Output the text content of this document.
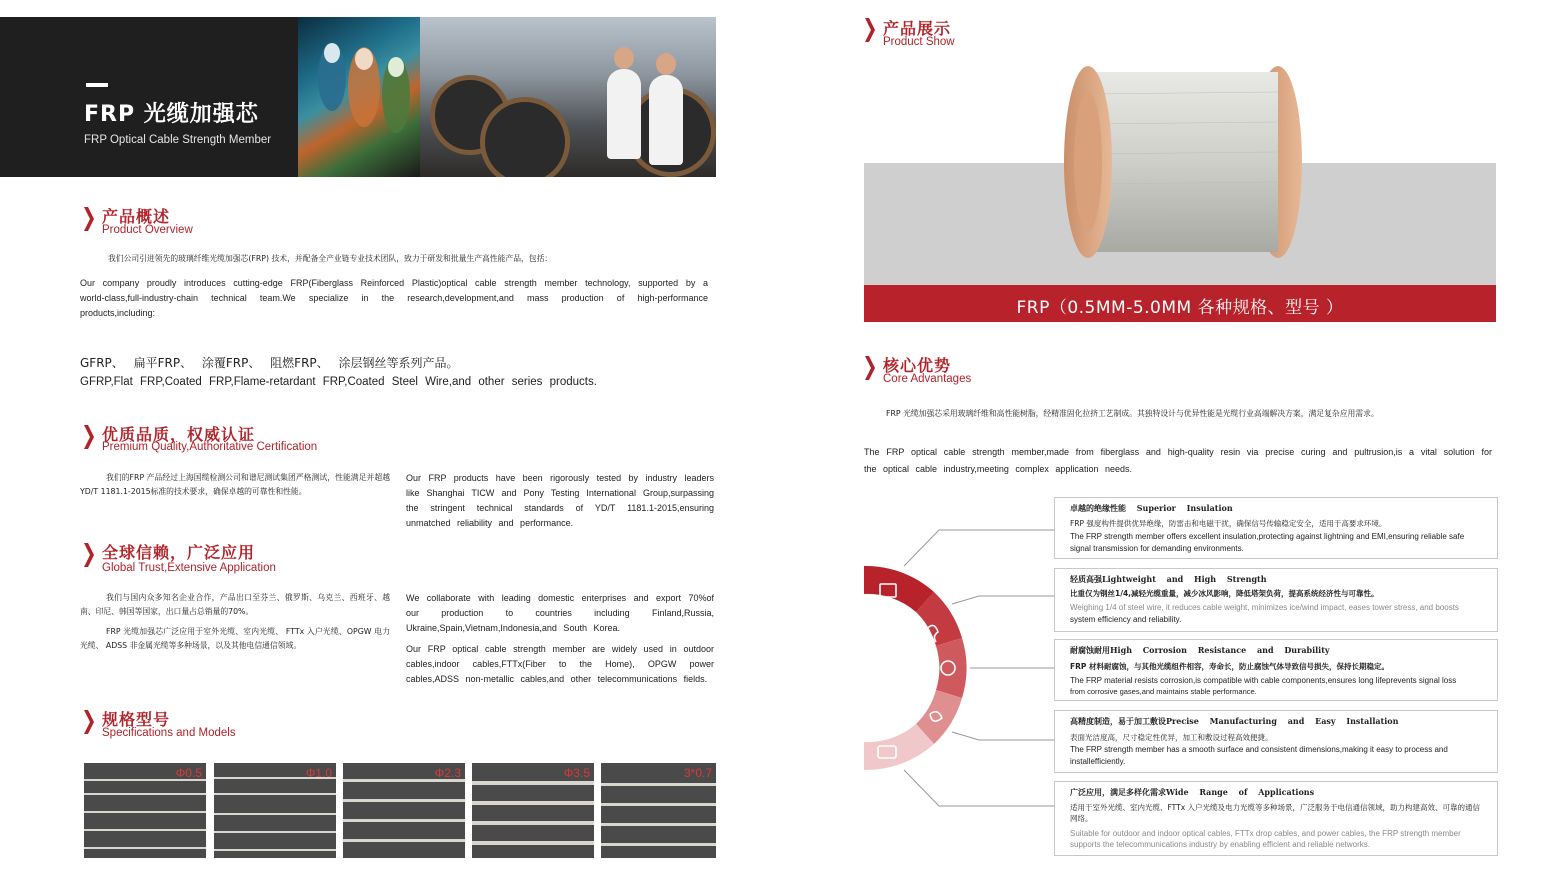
FRP 光缆加强芯
FRP Optical Cable Strength Member
产品概述
Product Overview
我们公司引进领先的玻璃纤维光缆加强芯(FRP) 技术，并配备全产业链专业技术团队，致力于研发和批量生产高性能产品，包括：
Our company proudly introduces cutting-edge FRP(Fiberglass Reinforced Plastic)optical cable strength member technology, supported by a world-class,full-industry-chain technical team.We specialize in the research,development,and mass production of high-performance products,including:
GFRP、 扁平FRP、 涂覆FRP、 阻燃FRP、 涂层钢丝等系列产品。
GFRP,Flat FRP,Coated FRP,Flame-retardant FRP,Coated Steel Wire,and other series products.
优质品质，权威认证
Premium Quality,Authoritative Certification
我们的FRP 产品经过上海国缆检测公司和谱尼测试集团严格测试，性能满足并超越YD/T 1181.1-2015标准的技术要求，确保卓越的可靠性和性能。
Our FRP products have been rigorously tested by industry leaders like Shanghai TICW and Pony Testing International Group,surpassing the stringent technical standards of YD/T 1181.1-2015,ensuring unmatched reliability and performance.
全球信赖，广泛应用
Global Trust,Extensive Application
我们与国内众多知名企业合作，产品出口至芬兰、俄罗斯、乌克兰、西班牙、越南、印尼、韩国等国家，出口量占总销量的70%。
FRP 光缆加强芯广泛应用于室外光缆、室内光缆、 FTTx 入户光缆、OPGW 电力光缆、 ADSS 非金属光缆等多种场景，以及其他电信通信领域。
We collaborate with leading domestic enterprises and export 70%of our production to countries including Finland,Russia, Ukraine,Spain,Vietnam,Indonesia,and South Korea.
Our FRP optical cable strength member are widely used in outdoor cables,indoor cables,FTTx(Fiber to the Home), OPGW power cables,ADSS non-metallic cables,and other telecommunications fields.
规格型号
Specifications and Models
Φ0.5	Φ1.0	Φ2.3	Φ3.5	3*0.7
产品展示
Product Show
FRP（0.5MM-5.0MM 各种规格、型号 ）
核心优势
Core Advantages
FRP 光缆加强芯采用玻璃纤维和高性能树脂，经精准固化拉挤工艺制成。其独特设计与优异性能是光缆行业高端解决方案，满足复杂应用需求。
The FRP optical cable strength member,made from fiberglass and high-quality resin via precise curing and pultrusion,is a vital solution for the optical cable industry,meeting complex application needs.
卓越的绝缘性能 Superior Insulation
FRP 强度构件提供优异绝缘，防雷击和电磁干扰，确保信号传输稳定安全，适用于高要求环境。
The FRP strength member offers excellent insulation,protecting against lightning and EMI,ensuring reliable safe signal transmission for demanding environments.
轻质高强Lightweight and High Strength
比重仅为钢丝1/4,减轻光缆重量，减少冰风影响，降低塔架负荷，提高系统经济性与可靠性。
Weighing 1/4 of steel wire, it reduces cable weight, minimizes ice/wind impact, eases tower stress, and boosts
system efficiency and reliability.
耐腐蚀耐用High Corrosion Resistance and Durability
FRP 材料耐腐蚀，与其他光缆组件相容，寿命长，防止腐蚀气体导致信号损失，保持长期稳定。
The FRP material resists corrosion,is compatible with cable components,ensures long lifeprevents signal loss
from corrosive gases,and maintains stable performance.
高精度制造，易于加工敷设Precise Manufacturing and Easy Installation
表面光洁度高，尺寸稳定性优异，加工和敷设过程高效便捷。
The FRP strength member has a smooth surface and consistent dimensions,making it easy to process and installefficiently.
广泛应用，满足多样化需求Wide Range of Applications
适用于室外光缆、室内光缆、FTTx 入户光缆及电力光缆等多种场景，广泛服务于电信通信领域，助力构建高效、可靠的通信网络。
Suitable for outdoor and indoor optical cables, FTTx drop cables, and power cables, the FRP strength member
supports the telecommunications industry by enabling efficient and reliable networks.
